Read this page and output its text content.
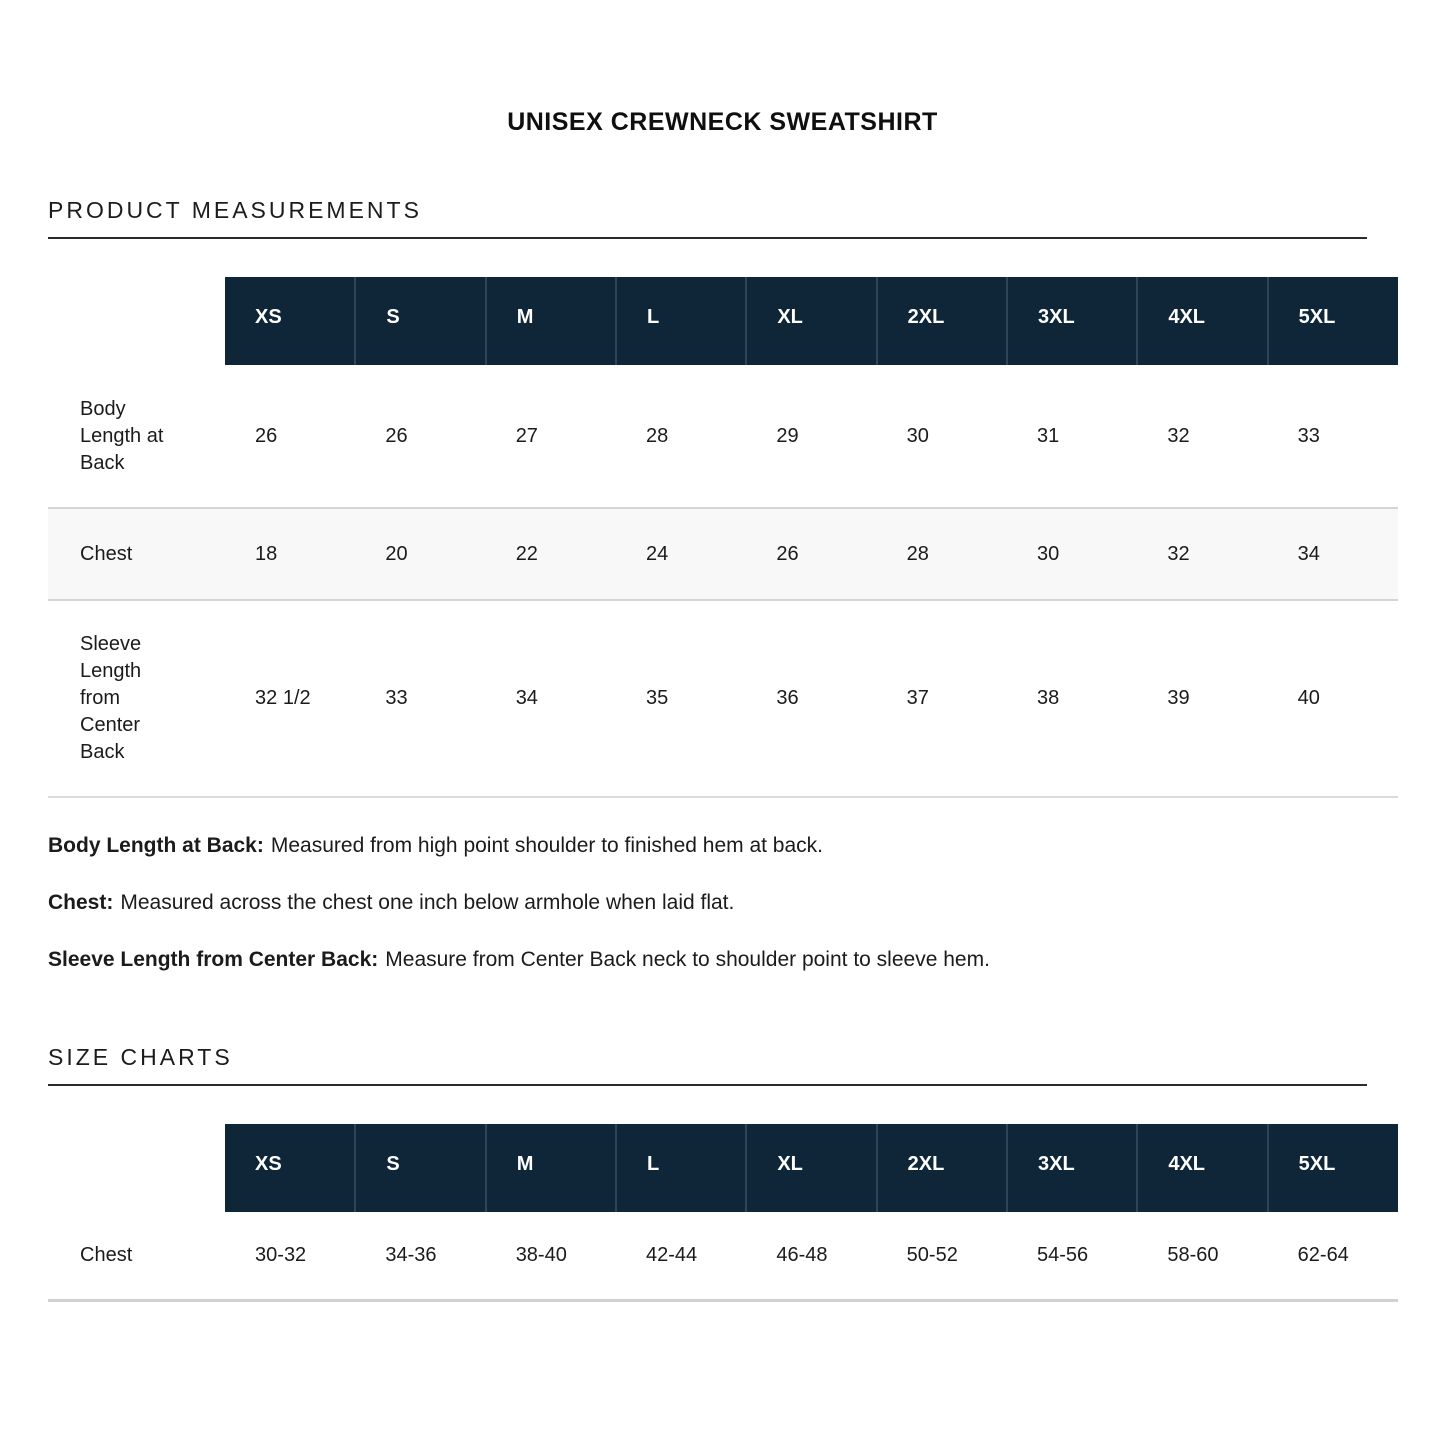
UNISEX CREWNECK SWEATSHIRT
PRODUCT MEASUREMENTS
	XS	S	M	L	XL	2XL	3XL	4XL	5XL
Body Length at Back	26	26	27	28	29	30	31	32	33
Chest	18	20	22	24	26	28	30	32	34
Sleeve Length from Center Back	32 1/2	33	34	35	36	37	38	39	40

Body Length at Back: Measured from high point shoulder to finished hem at back.

Chest: Measured across the chest one inch below armhole when laid flat.

Sleeve Length from Center Back: Measure from Center Back neck to shoulder point to sleeve hem.

SIZE CHARTS
	XS	S	M	L	XL	2XL	3XL	4XL	5XL
Chest	30-32	34-36	38-40	42-44	46-48	50-52	54-56	58-60	62-64
